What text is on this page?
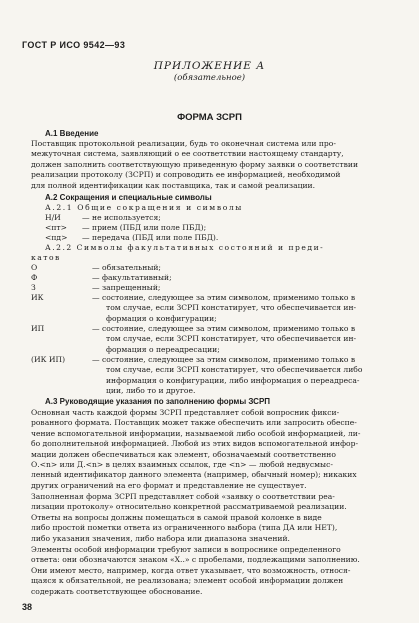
ГОСТ Р ИСО 9542—93
ПРИЛОЖЕНИЕ А
(обязательное)
ФОРМА ЗСРП
А.1 Введение
Поставщик протокольной реализации, будь то оконечная система или про-
межуточная система, заявляющий о ее соответствии настоящему стандарту,
должен заполнить соответствующую приведенную форму заявки о соответствии
реализации протоколу (ЗСРП) и сопроводить ее информацией, необходимой
для полной идентификации как поставщика, так и самой реализации.
А.2 Сокращения и специальные символы
А.2.1 Общие сокращения и символы
Н/И	— не используется;
<пт> — прием (ПБД или поле ПБД);
<пд> — передача (ПБД или поле ПБД).
А.2.2 Символы факультативных состояний и преди-
катов
О	— обязательный;
Ф	— факультативный;
З	— запрещенный;
ИК	— состояние, следующее за этим символом, применимо только в
том случае, если ЗСРП констатирует, что обеспечивается ин-
формация о конфигурации;
ИП	— состояние, следующее за этим символом, применимо только в
том случае, если ЗСРП констатирует, что обеспечивается ин-
формация о переадресации;
(ИК ИП)	— состояние, следующее за этим символом, применимо только в
том случае, если ЗСРП констатирует, что обеспечивается либо
информация о конфигурации, либо информация о переадреса-
ции, либо то и другое.
А.3 Руководящие указания по заполнению формы ЗСРП
Основная часть каждой формы ЗСРП представляет собой вопросник фикси-
рованного формата. Поставщик может также обеспечить или запросить обеспе-
чение вспомогательной информации, называемой либо особой информацией, ли-
бо дополнительной информацией. Любой из этих видов вспомогательной инфор-
мации должен обеспечиваться как элемент, обозначаемый соответственно
О.<n> или Д.<n> в целях взаимных ссылок, где <n> — любой недвусмыс-
ленный идентификатор данного элемента (например, обычный номер); никаких
других ограничений на его формат и представление не существует.
Заполненная форма ЗСРП представляет собой «заявку о соответствии реа-
лизации протоколу» относительно конкретной рассматриваемой реализации.
Ответы на вопросы должны помещаться в самой правой колонке в виде
либо простой пометки ответа из ограниченного выбора (типа ДА или НЕТ),
либо указания значения, либо набора или диапазона значений.
Элементы особой информации требуют записи в вопроснике определенного
ответа: они обозначаются знаком «Х..» с пробелами, подлежащими заполнению.
Они имеют место, например, когда ответ указывает, что возможность, относя-
щаяся к обязательной, не реализована; элемент особой информации должен
содержать соответствующее обоснование.
38
